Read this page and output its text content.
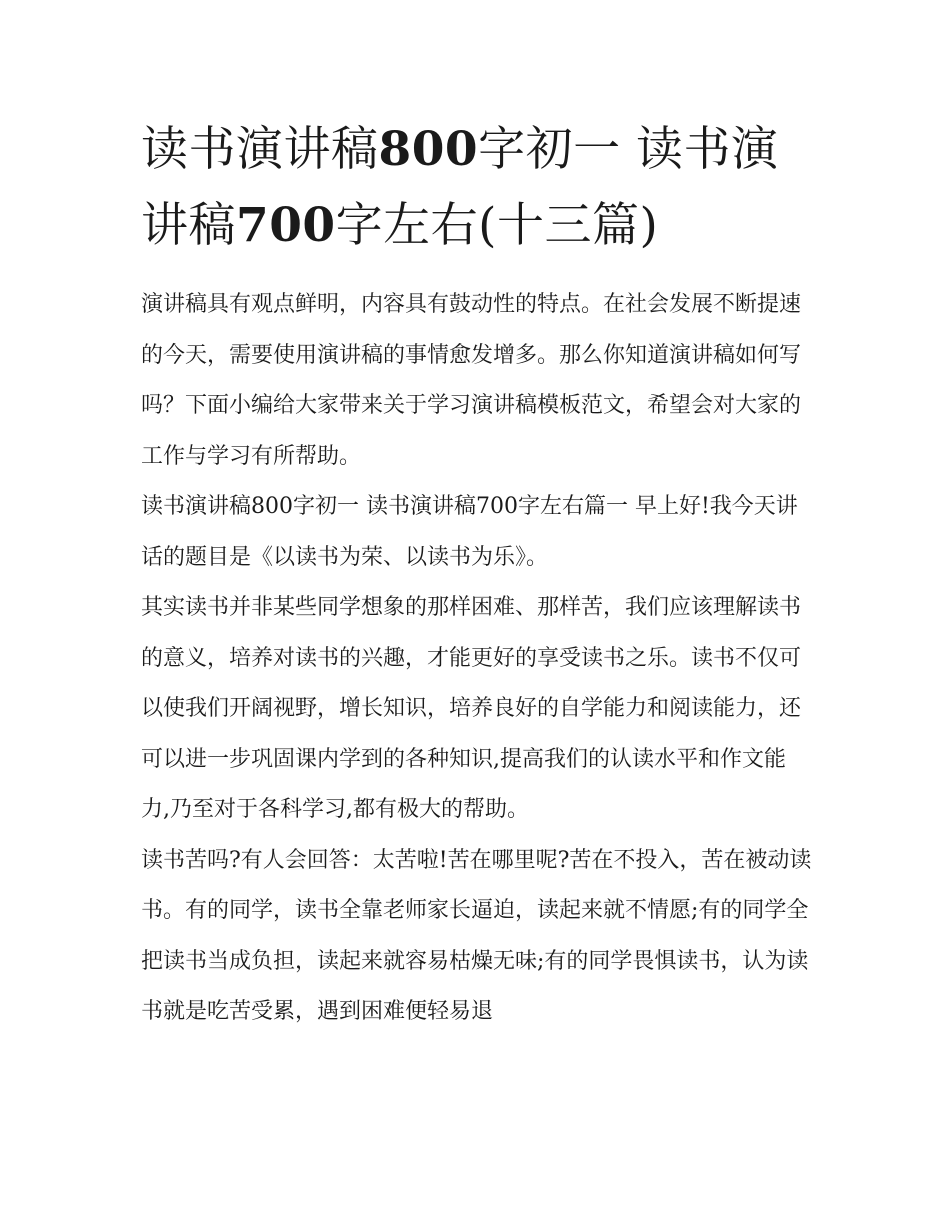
读书演讲稿800字初一 读书演讲稿700字左右(十三篇)

演讲稿具有观点鲜明，内容具有鼓动性的特点。在社会发展不断提速的今天，需要使用演讲稿的事情愈发增多。那么你知道演讲稿如何写吗？下面小编给大家带来关于学习演讲稿模板范文，希望会对大家的工作与学习有所帮助。

读书演讲稿800字初一 读书演讲稿700字左右篇一 早上好!我今天讲话的题目是《以读书为荣、以读书为乐》。

其实读书并非某些同学想象的那样困难、那样苦，我们应该理解读书的意义，培养对读书的兴趣，才能更好的享受读书之乐。读书不仅可以使我们开阔视野，增长知识，培养良好的自学能力和阅读能力，还可以进一步巩固课内学到的各种知识,提高我们的认读水平和作文能力,乃至对于各科学习,都有极大的帮助。

读书苦吗?有人会回答：太苦啦!苦在哪里呢?苦在不投入，苦在被动读书。有的同学，读书全靠老师家长逼迫，读起来就不情愿;有的同学全把读书当成负担，读起来就容易枯燥无味;有的同学畏惧读书，认为读书就是吃苦受累，遇到困难便轻易退
